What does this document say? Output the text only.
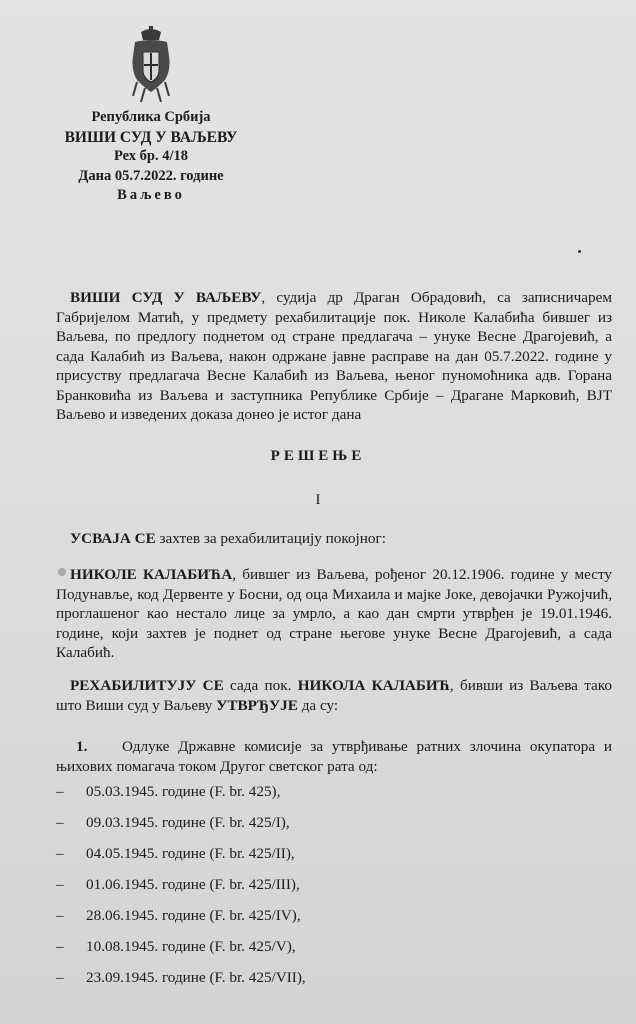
Република Србија
ВИШИ СУД У ВАЉЕВУ
Рех бр. 4/18
Дана 05.7.2022. године
Ваљево
ВИШИ СУД У ВАЉЕВУ, судија др Драган Обрадовић, са записничарем Габријелом Матић, у предмету рехабилитације пок. Николе Калабића бившег из Ваљева, по предлогу поднетом од стране предлагача – унуке Весне Драгојевић, а сада Калабић из Ваљева, након одржане јавне расправе на дан 05.7.2022. године у присуству предлагача Весне Калабић из Ваљева, њеног пуномоћника адв. Горана Бранковића из Ваљева и заступника Републике Србије – Драгане Марковић, ВЈТ Ваљево и изведених доказа донео је истог дана
РЕШЕЊЕ
I
УСВАЈА СЕ захтев за рехабилитацију покојног:
НИКОЛЕ КАЛАБИЋА, бившег из Ваљева, рођеног 20.12.1906. године у месту Подунавље, код Дервенте у Босни, од оца Михаила и мајке Јоке, девојачки Ружојчић, проглашеног као нестало лице за умрло, а као дан смрти утврђен је 19.01.1946. године, који захтев је поднет од стране његове унуке Весне Драгојевић, а сада Калабић.
РЕХАБИЛИТУЈУ СЕ сада пок. НИКОЛА КАЛАБИЋ, бивши из Ваљева тако што Виши суд у Ваљеву УТВРЂУЈЕ да су:
1. Одлуке Државне комисије за утврђивање ратних злочина окупатора и њихових помагача током Другог светског рата од:
–	05.03.1945. године (F. br. 425),
–	09.03.1945. године (F. br. 425/I),
–	04.05.1945. године (F. br. 425/II),
–	01.06.1945. године (F. br. 425/III),
–	28.06.1945. године (F. br. 425/IV),
–	10.08.1945. године (F. br. 425/V),
–	23.09.1945. године (F. br. 425/VII),
